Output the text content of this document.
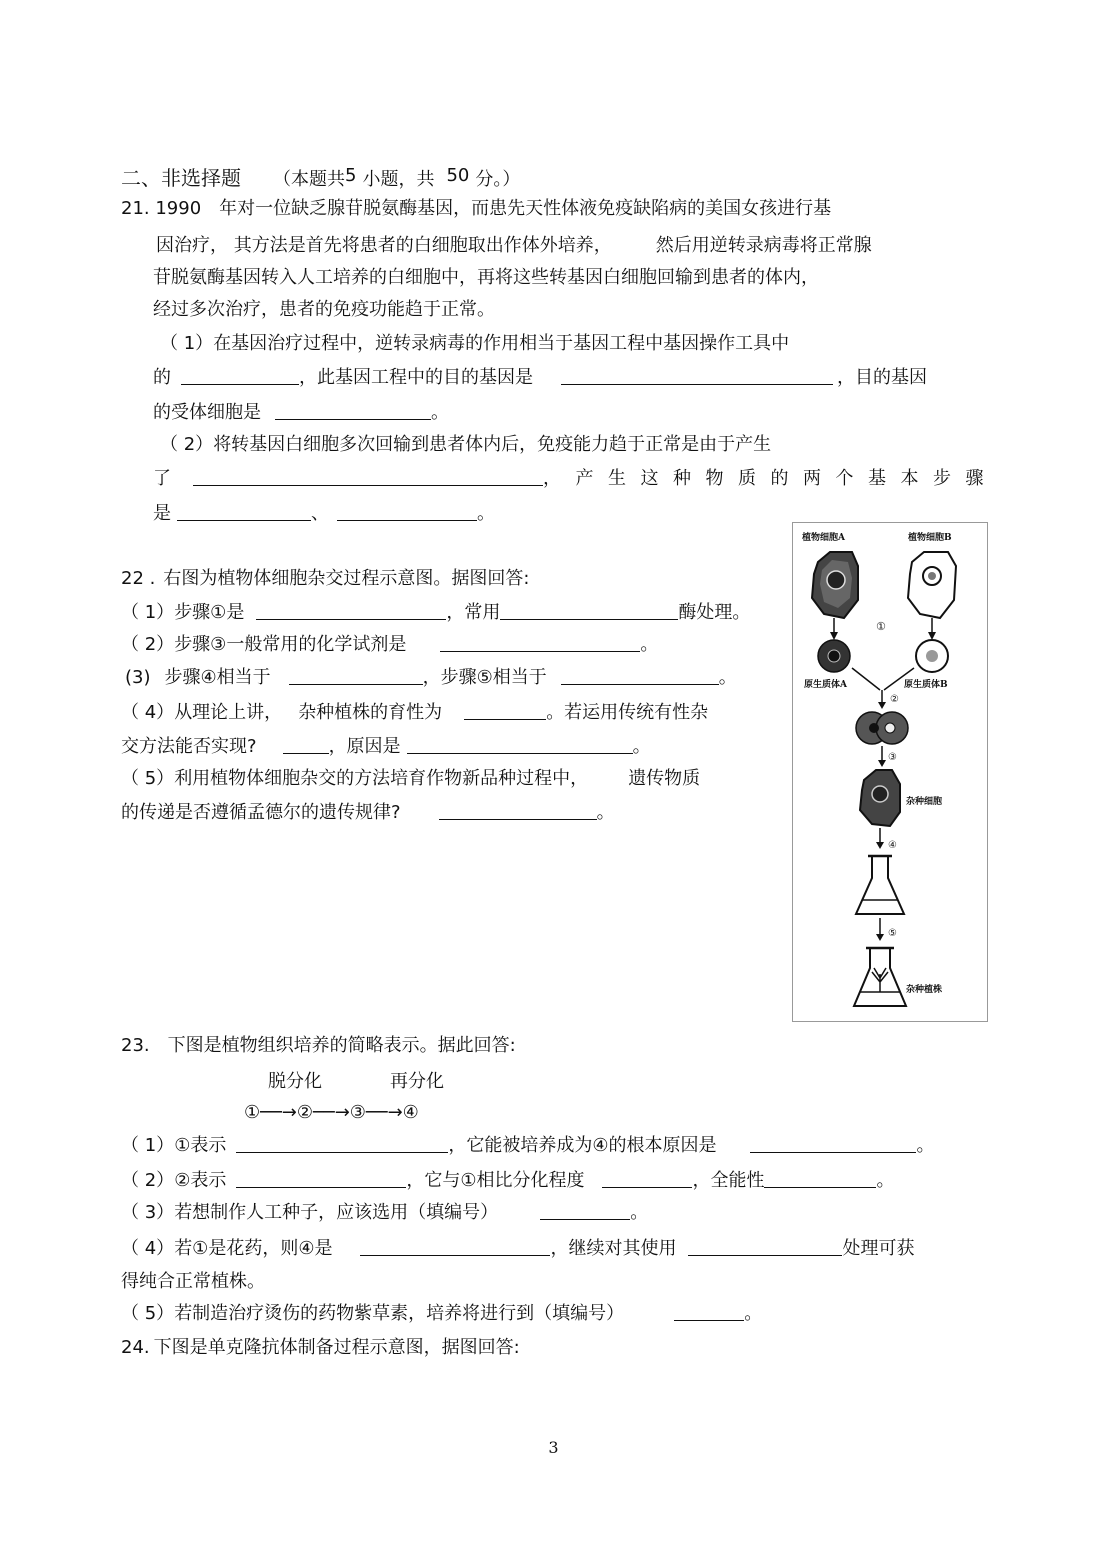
二、非选择题 （本题共5 小题，共 50 分。）
21. 1990 年对一位缺乏腺苷脱氨酶基因，而患先天性体液免疫缺陷病的美国女孩进行基
因治疗， 其方法是首先将患者的白细胞取出作体外培养， 然后用逆转录病毒将正常腺
苷脱氨酶基因转入人工培养的白细胞中，再将这些转基因白细胞回输到患者的体内，
经过多次治疗，患者的免疫功能趋于正常。
（ 1）在基因治疗过程中，逆转录病毒的作用相当于基因工程中基因操作工具中
的	，此基因工程中的目的基因是	，目的基因
的受体细胞是	。
（ 2）将转基因白细胞多次回输到患者体内后，免疫能力趋于正常是由于产生
了	，产生这种物质的两个基本步骤
是	、	。
22 . 右图为植物体细胞杂交过程示意图。据图回答:
（ 1）步骤①是	，常用	酶处理。
（ 2）步骤③一般常用的化学试剂是	。
(3) 步骤④相当于	，步骤⑤相当于	。
（ 4）从理论上讲， 杂种植株的育性为	。若运用传统有性杂
交方法能否实现?	，原因是	。
（ 5）利用植物体细胞杂交的方法培育作物新品种过程中， 遗传物质
的传递是否遵循孟德尔的遗传规律?	。
植物细胞A	植物细胞B
①
原生质体A	原生质体B
②
③
杂种细胞
④
⑤
杂种植株
23. 下图是植物组织培养的简略表示。据此回答:
脱分化	再分化
①──→②──→③──→④
（ 1）①表示	，它能被培养成为④的根本原因是	。
（ 2）②表示	，它与①相比分化程度	，全能性	。
（ 3）若想制作人工种子，应该选用（填编号）	。
（ 4）若①是花药，则④是	，继续对其使用	处理可获
得纯合正常植株。
（ 5）若制造治疗烫伤的药物紫草素，培养将进行到（填编号）	。
24. 下图是单克隆抗体制备过程示意图，据图回答:
3
